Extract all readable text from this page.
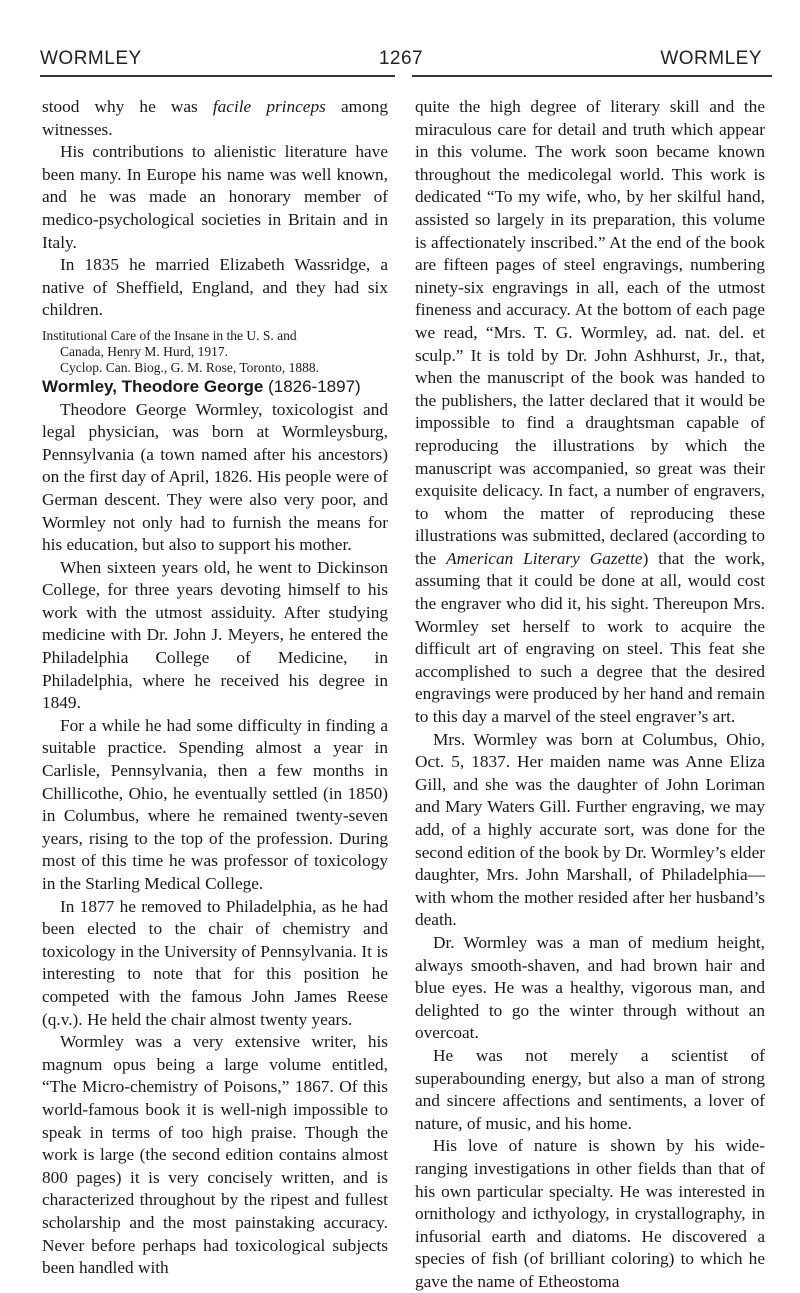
WORMLEY	1267	WORMLEY

stood why he was facile princeps among witnesses.

His contributions to alienistic literature have been many. In Europe his name was well known, and he was made an honorary member of medico-psychological societies in Britain and in Italy.

In 1835 he married Elizabeth Wassridge, a native of Sheffield, England, and they had six children.

Institutional Care of the Insane in the U. S. and
Canada, Henry M. Hurd, 1917.
Cyclop. Can. Biog., G. M. Rose, Toronto, 1888.

Wormley, Theodore George (1826-1897)

Theodore George Wormley, toxicologist and legal physician, was born at Wormleysburg, Pennsylvania (a town named after his ancestors) on the first day of April, 1826. His people were of German descent. They were also very poor, and Wormley not only had to furnish the means for his education, but also to support his mother.

When sixteen years old, he went to Dickinson College, for three years devoting himself to his work with the utmost assiduity. After studying medicine with Dr. John J. Meyers, he entered the Philadelphia College of Medicine, in Philadelphia, where he received his degree in 1849.

For a while he had some difficulty in finding a suitable practice. Spending almost a year in Carlisle, Pennsylvania, then a few months in Chillicothe, Ohio, he eventually settled (in 1850) in Columbus, where he remained twenty-seven years, rising to the top of the profession. During most of this time he was professor of toxicology in the Starling Medical College.

In 1877 he removed to Philadelphia, as he had been elected to the chair of chemistry and toxicology in the University of Pennsylvania. It is interesting to note that for this position he competed with the famous John James Reese (q.v.). He held the chair almost twenty years.

Wormley was a very extensive writer, his magnum opus being a large volume entitled, “The Micro-chemistry of Poisons,” 1867. Of this world-famous book it is well-nigh impossible to speak in terms of too high praise. Though the work is large (the second edition contains almost 800 pages) it is very concisely written, and is characterized throughout by the ripest and fullest scholarship and the most painstaking accuracy. Never before perhaps had toxicological subjects been handled with

quite the high degree of literary skill and the miraculous care for detail and truth which appear in this volume. The work soon became known throughout the medicolegal world. This work is dedicated “To my wife, who, by her skilful hand, assisted so largely in its preparation, this volume is affectionately inscribed.” At the end of the book are fifteen pages of steel engravings, numbering ninety-six engravings in all, each of the utmost fineness and accuracy. At the bottom of each page we read, “Mrs. T. G. Wormley, ad. nat. del. et sculp.” It is told by Dr. John Ashhurst, Jr., that, when the manuscript of the book was handed to the publishers, the latter declared that it would be impossible to find a draughtsman capable of reproducing the illustrations by which the manuscript was accompanied, so great was their exquisite delicacy. In fact, a number of engravers, to whom the matter of reproducing these illustrations was submitted, declared (according to the American Literary Gazette) that the work, assuming that it could be done at all, would cost the engraver who did it, his sight. Thereupon Mrs. Wormley set herself to work to acquire the difficult art of engraving on steel. This feat she accomplished to such a degree that the desired engravings were produced by her hand and remain to this day a marvel of the steel engraver’s art.

Mrs. Wormley was born at Columbus, Ohio, Oct. 5, 1837. Her maiden name was Anne Eliza Gill, and she was the daughter of John Loriman and Mary Waters Gill. Further engraving, we may add, of a highly accurate sort, was done for the second edition of the book by Dr. Wormley’s elder daughter, Mrs. John Marshall, of Philadelphia—with whom the mother resided after her husband’s death.

Dr. Wormley was a man of medium height, always smooth-shaven, and had brown hair and blue eyes. He was a healthy, vigorous man, and delighted to go the winter through without an overcoat.

He was not merely a scientist of superabounding energy, but also a man of strong and sincere affections and sentiments, a lover of nature, of music, and his home.

His love of nature is shown by his wide-ranging investigations in other fields than that of his own particular specialty. He was interested in ornithology and icthyology, in crystallography, in infusorial earth and diatoms. He discovered a species of fish (of brilliant coloring) to which he gave the name of Etheostoma
